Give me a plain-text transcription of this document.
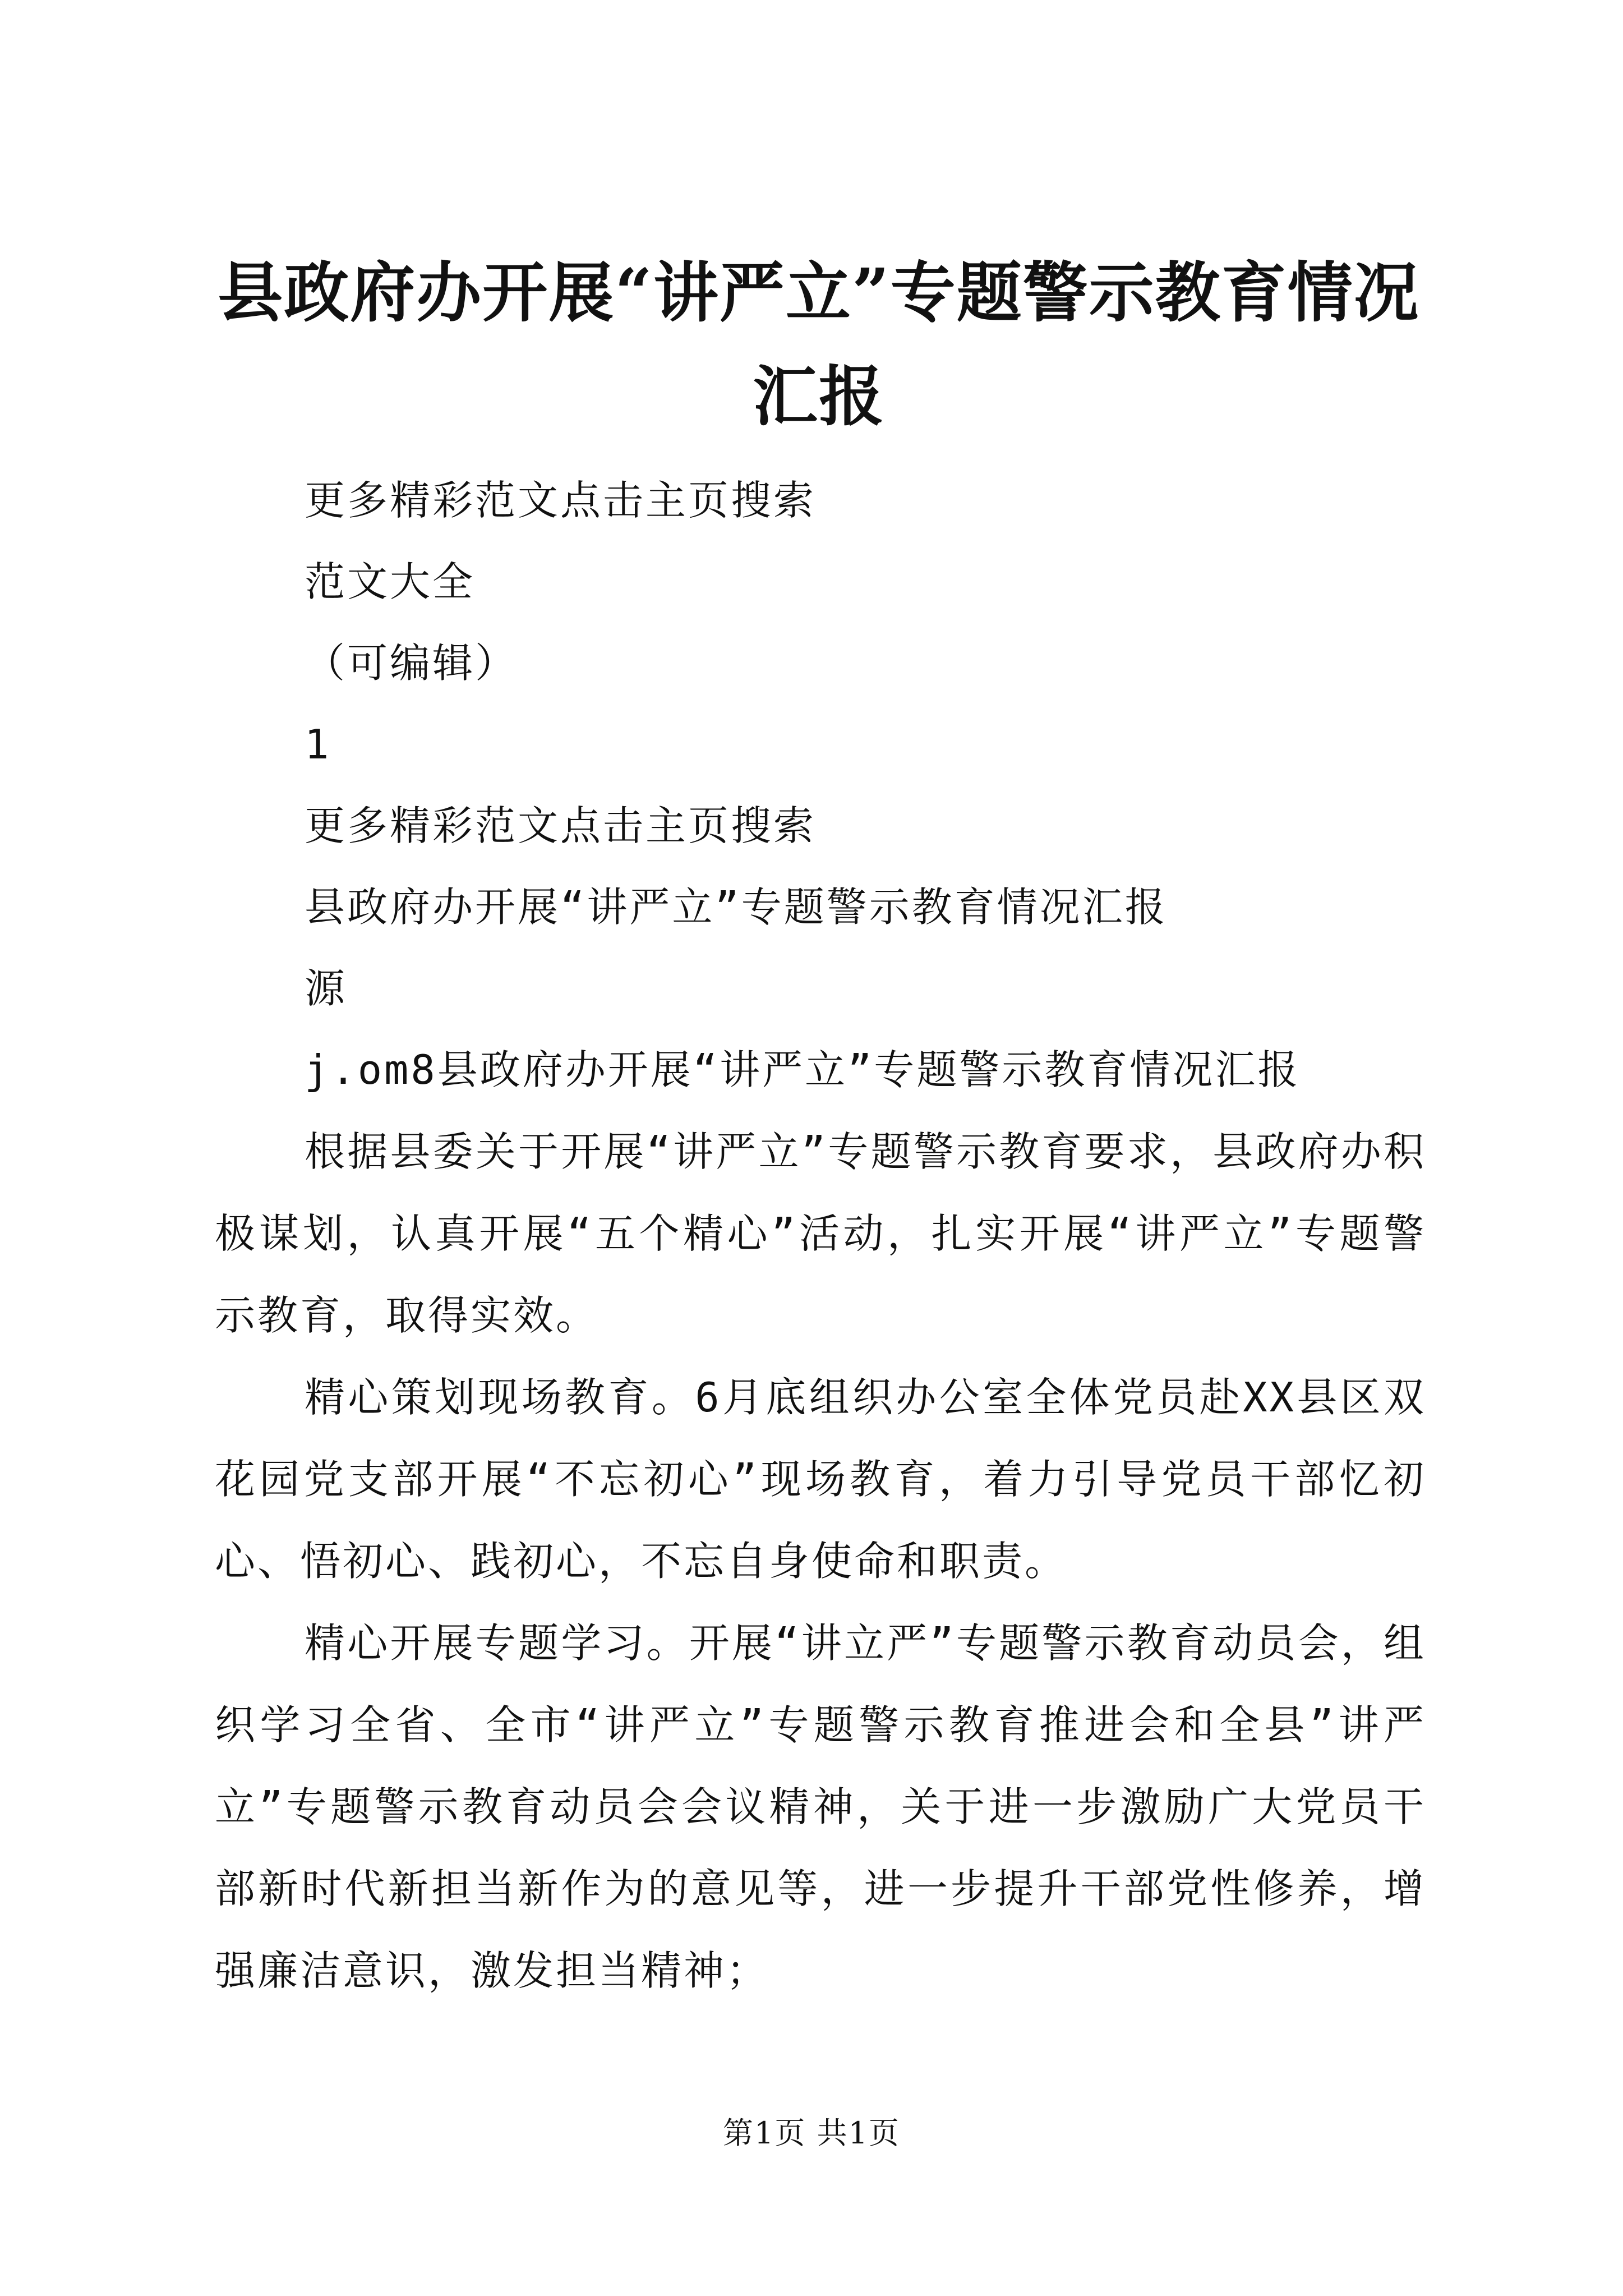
县政府办开展“讲严立”专题警示教育情况汇报

更多精彩范文点击主页搜索

范文大全

（可编辑）

1

更多精彩范文点击主页搜索

县政府办开展“讲严立”专题警示教育情况汇报

源

j.om8县政府办开展“讲严立”专题警示教育情况汇报

根据县委关于开展“讲严立”专题警示教育要求，县政府办积极谋划，认真开展“五个精心”活动，扎实开展“讲严立”专题警示教育，取得实效。

精心策划现场教育。6月底组织办公室全体党员赴XX县区双花园党支部开展“不忘初心”现场教育，着力引导党员干部忆初心、悟初心、践初心，不忘自身使命和职责。

精心开展专题学习。开展“讲立严”专题警示教育动员会，组织学习全省、全市“讲严立”专题警示教育推进会和全县”讲严立”专题警示教育动员会会议精神，关于进一步激励广大党员干部新时代新担当新作为的意见等，进一步提升干部党性修养，增强廉洁意识，激发担当精神；

第1页 共1页
